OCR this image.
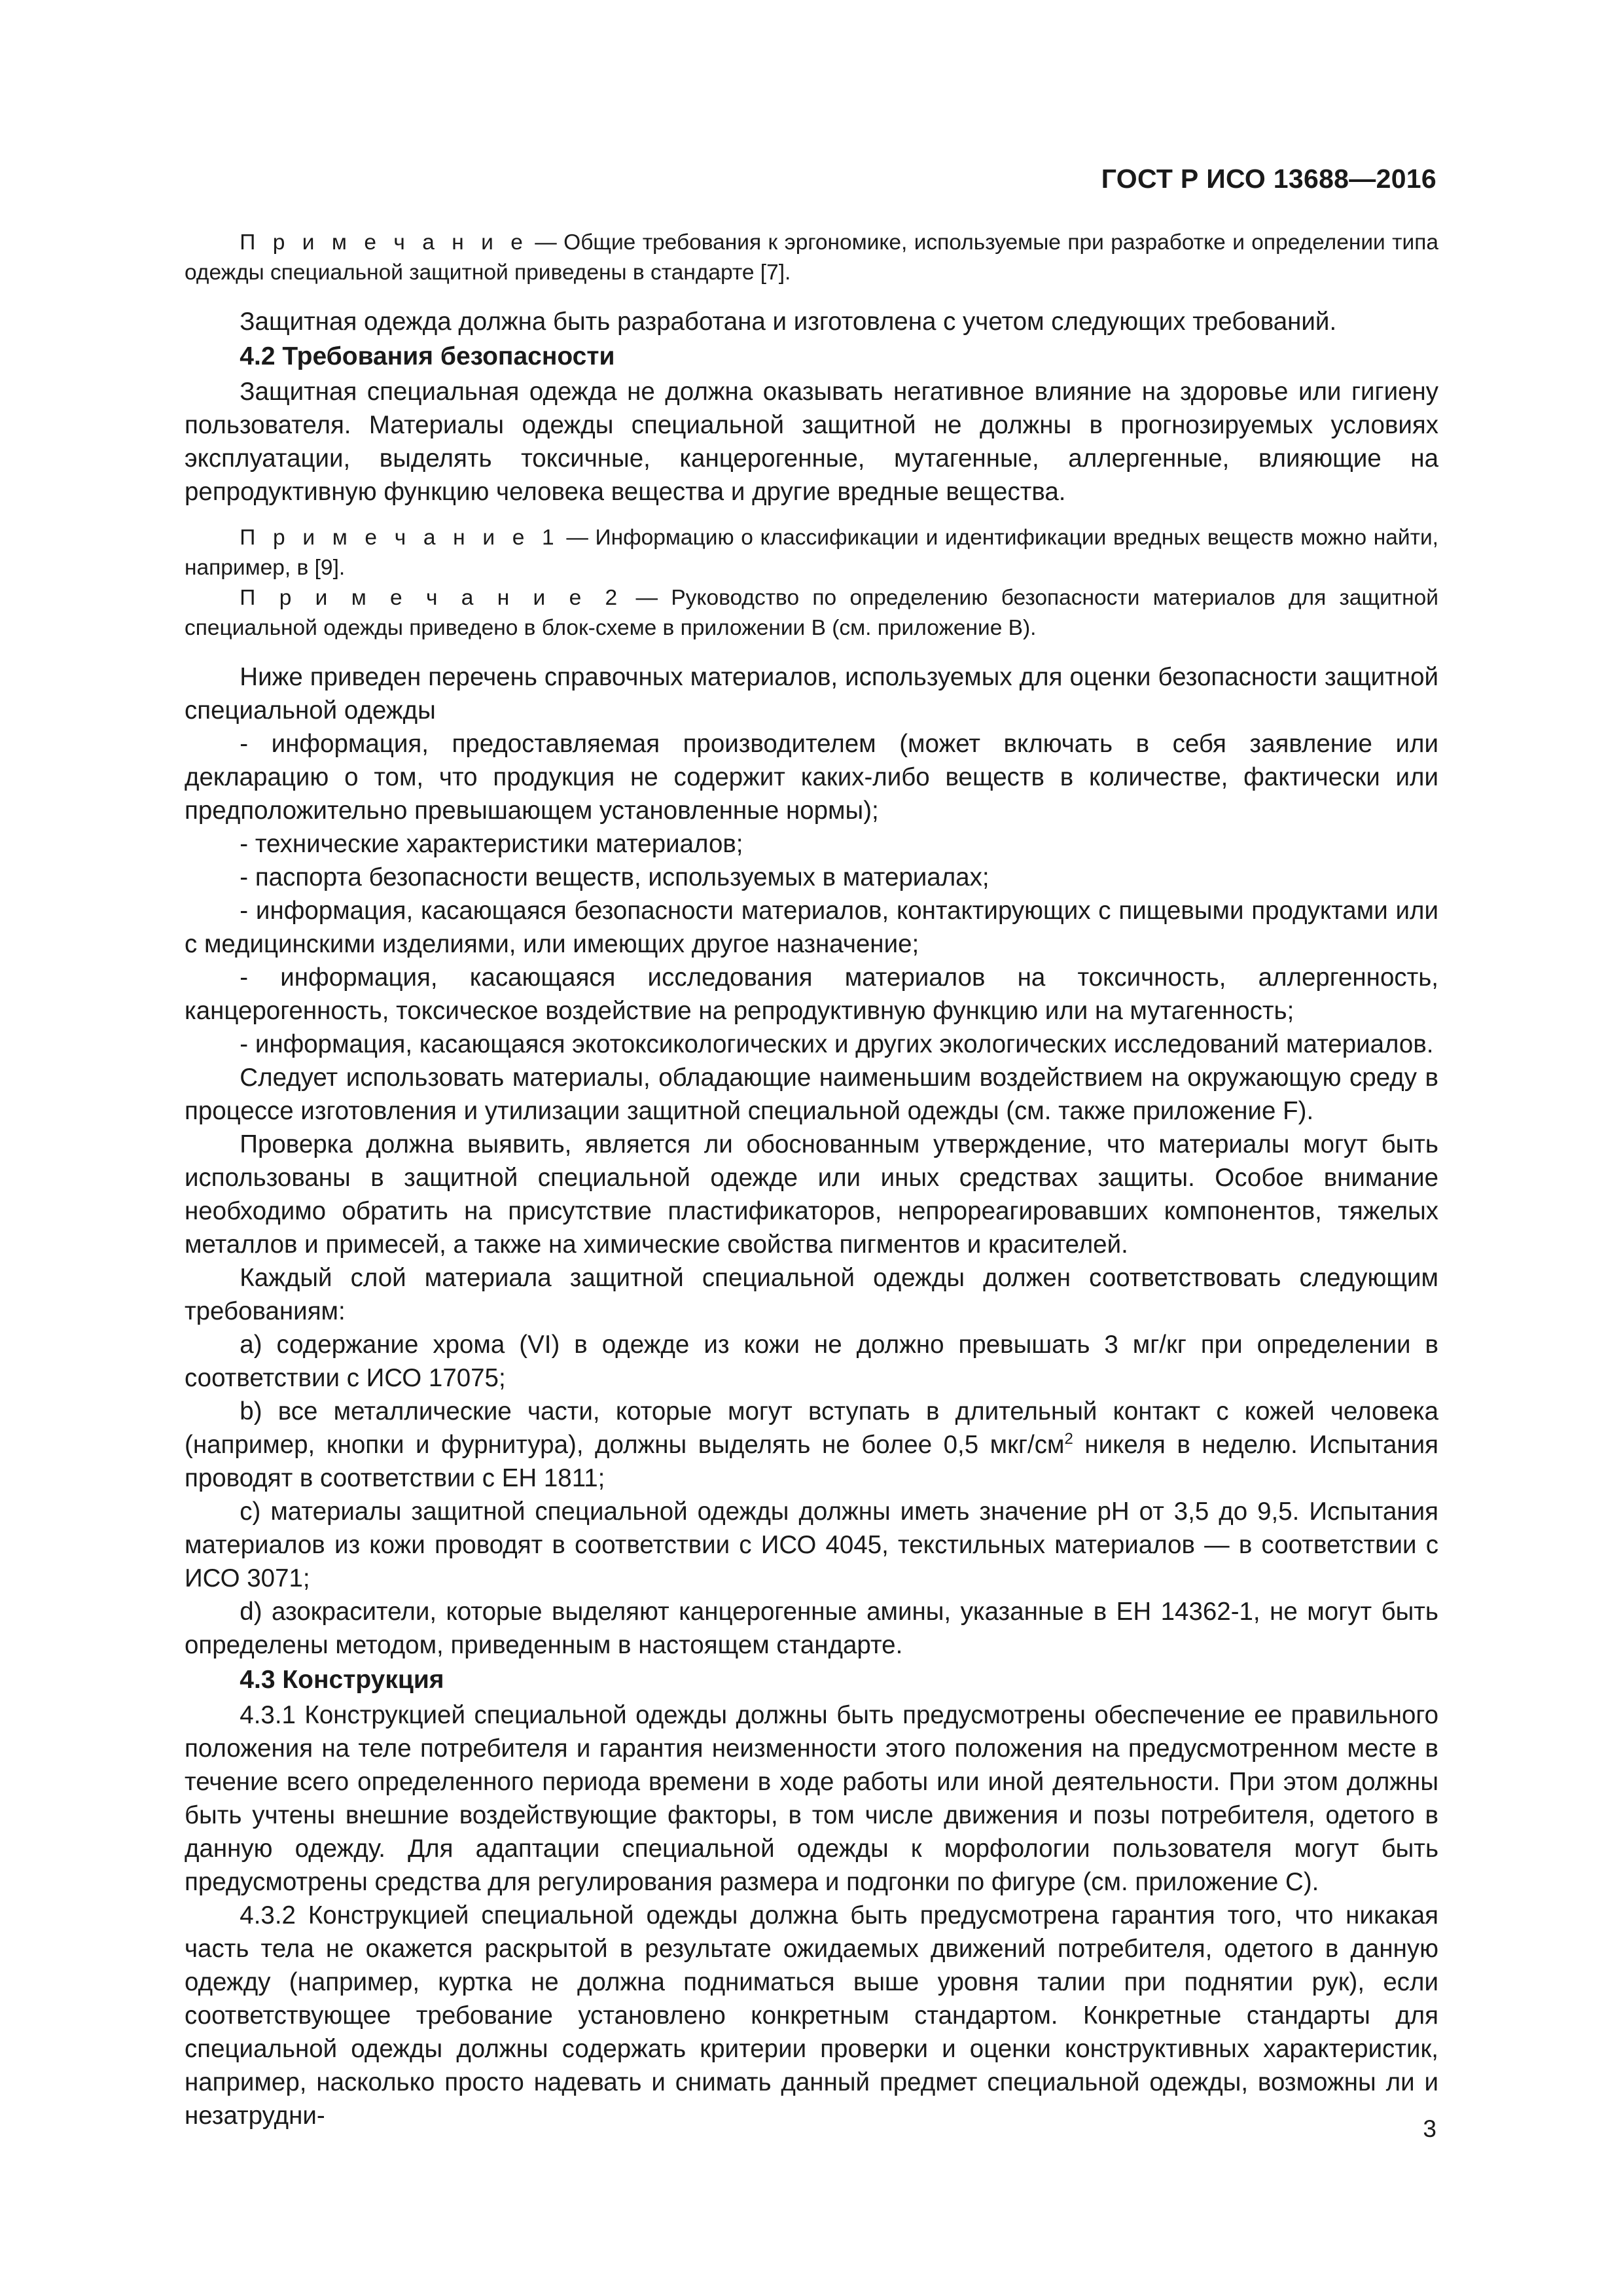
ГОСТ Р ИСО 13688—2016

П р и м е ч а н и е — Общие требования к эргономике, используемые при разработке и определении типа одежды специальной защитной приведены в стандарте [7].

Защитная одежда должна быть разработана и изготовлена с учетом следующих требований.

4.2 Требования безопасности

Защитная специальная одежда не должна оказывать негативное влияние на здоровье или гигиену пользователя. Материалы одежды специальной защитной не должны в прогнозируемых условиях эксплуатации, выделять токсичные, канцерогенные, мутагенные, аллергенные, влияющие на репродуктивную функцию человека вещества и другие вредные вещества.

П р и м е ч а н и е 1 — Информацию о классификации и идентификации вредных веществ можно найти, например, в [9].

П р и м е ч а н и е 2 — Руководство по определению безопасности материалов для защитной специальной одежды приведено в блок-схеме в приложении В (см. приложение В).

Ниже приведен перечень справочных материалов, используемых для оценки безопасности защитной специальной одежды

- информация, предоставляемая производителем (может включать в себя заявление или декларацию о том, что продукция не содержит каких-либо веществ в количестве, фактически или предположительно превышающем установленные нормы);

- технические характеристики материалов;

- паспорта безопасности веществ, используемых в материалах;

- информация, касающаяся безопасности материалов, контактирующих с пищевыми продуктами или с медицинскими изделиями, или имеющих другое назначение;

- информация, касающаяся исследования материалов на токсичность, аллергенность, канцерогенность, токсическое воздействие на репродуктивную функцию или на мутагенность;

- информация, касающаяся экотоксикологических и других экологических исследований материалов.

Следует использовать материалы, обладающие наименьшим воздействием на окружающую среду в процессе изготовления и утилизации защитной специальной одежды (см. также приложение F).

Проверка должна выявить, является ли обоснованным утверждение, что материалы могут быть использованы в защитной специальной одежде или иных средствах защиты. Особое внимание необходимо обратить на присутствие пластификаторов, непрореагировавших компонентов, тяжелых металлов и примесей, а также на химические свойства пигментов и красителей.

Каждый слой материала защитной специальной одежды должен соответствовать следующим требованиям:

a) содержание хрома (VI) в одежде из кожи не должно превышать 3 мг/кг при определении в соответствии с ИСО 17075;

b) все металлические части, которые могут вступать в длительный контакт с кожей человека (например, кнопки и фурнитура), должны выделять не более 0,5 мкг/$см^2$ никеля в неделю. Испытания проводят в соответствии с ЕН 1811;

c) материалы защитной специальной одежды должны иметь значение pH от 3,5 до 9,5. Испытания материалов из кожи проводят в соответствии с ИСО 4045, текстильных материалов — в соответствии с ИСО 3071;

d) азокрасители, которые выделяют канцерогенные амины, указанные в ЕН 14362-1, не могут быть определены методом, приведенным в настоящем стандарте.

4.3 Конструкция

4.3.1 Конструкцией специальной одежды должны быть предусмотрены обеспечение ее правильного положения на теле потребителя и гарантия неизменности этого положения на предусмотренном месте в течение всего определенного периода времени в ходе работы или иной деятельности. При этом должны быть учтены внешние воздействующие факторы, в том числе движения и позы потребителя, одетого в данную одежду. Для адаптации специальной одежды к морфологии пользователя могут быть предусмотрены средства для регулирования размера и подгонки по фигуре (см. приложение С).

4.3.2 Конструкцией специальной одежды должна быть предусмотрена гарантия того, что никакая часть тела не окажется раскрытой в результате ожидаемых движений потребителя, одетого в данную одежду (например, куртка не должна подниматься выше уровня талии при поднятии рук), если соответствующее требование установлено конкретным стандартом. Конкретные стандарты для специальной одежды должны содержать критерии проверки и оценки конструктивных характеристик, например, насколько просто надевать и снимать данный предмет специальной одежды, возможны ли и незатрудни-	3
